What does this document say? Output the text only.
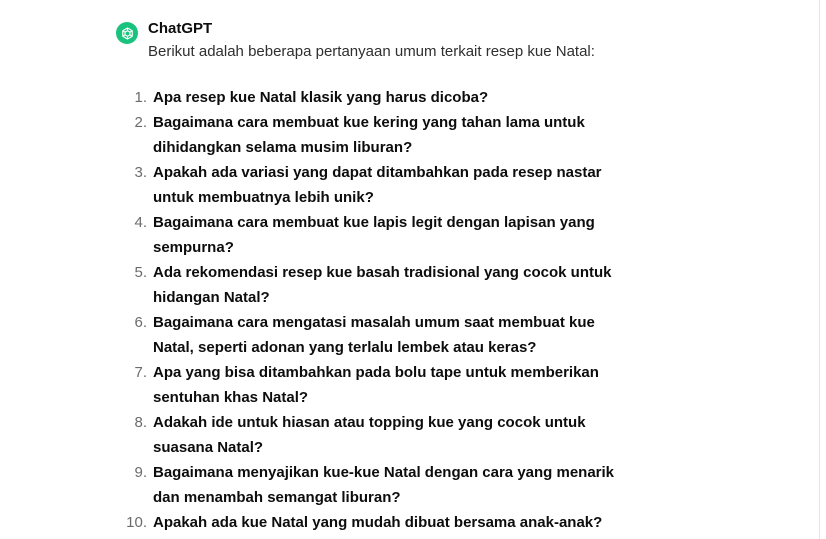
ChatGPT
Berikut adalah beberapa pertanyaan umum terkait resep kue Natal:
1. Apa resep kue Natal klasik yang harus dicoba?
2. Bagaimana cara membuat kue kering yang tahan lama untuk dihidangkan selama musim liburan?
3. Apakah ada variasi yang dapat ditambahkan pada resep nastar untuk membuatnya lebih unik?
4. Bagaimana cara membuat kue lapis legit dengan lapisan yang sempurna?
5. Ada rekomendasi resep kue basah tradisional yang cocok untuk hidangan Natal?
6. Bagaimana cara mengatasi masalah umum saat membuat kue Natal, seperti adonan yang terlalu lembek atau keras?
7. Apa yang bisa ditambahkan pada bolu tape untuk memberikan sentuhan khas Natal?
8. Adakah ide untuk hiasan atau topping kue yang cocok untuk suasana Natal?
9. Bagaimana menyajikan kue-kue Natal dengan cara yang menarik dan menambah semangat liburan?
10. Apakah ada kue Natal yang mudah dibuat bersama anak-anak?
